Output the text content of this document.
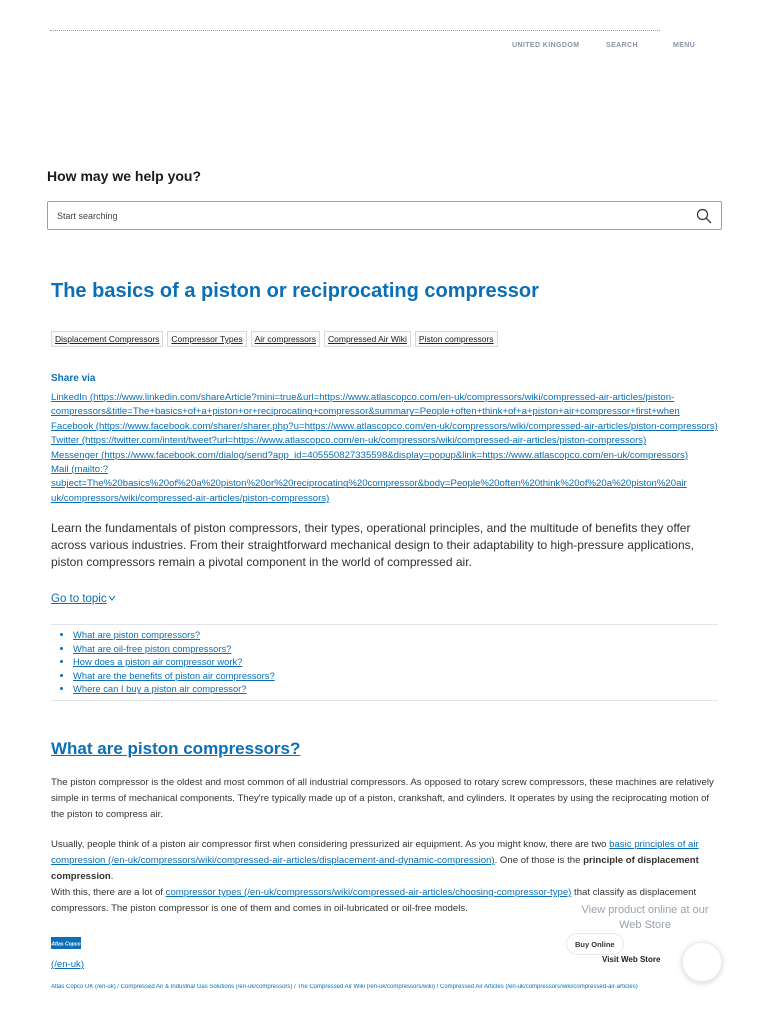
UNITED KINGDOM	SEARCH	MENU
How may we help you?
Start searching
The basics of a piston or reciprocating compressor
Displacement Compressors	Compressor Types	Air compressors	Compressed Air Wiki	Piston compressors
Share via
LinkedIn (https://www.linkedin.com/shareArticle?mini=true&url=https://www.atlascopco.com/en-uk/compressors/wiki/compressed-air-articles/piston-
compressors&title=The+basics+of+a+piston+or+reciprocating+compressor&summary=People+often+think+of+a+piston+air+compressor+first+when
Facebook (https://www.facebook.com/sharer/sharer.php?u=https://www.atlascopco.com/en-uk/compressors/wiki/compressed-air-articles/piston-compressors)
Twitter (https://twitter.com/intent/tweet?url=https://www.atlascopco.com/en-uk/compressors/wiki/compressed-air-articles/piston-compressors)
Messenger (https://www.facebook.com/dialog/send?app_id=405550827335598&display=popup&link=https://www.atlascopco.com/en-uk/compressors)
Mail (mailto:?
subject=The%20basics%20of%20a%20piston%20or%20reciprocating%20compressor&body=People%20often%20think%20of%20a%20piston%20air
uk/compressors/wiki/compressed-air-articles/piston-compressors)

Learn the fundamentals of piston compressors, their types, operational principles, and the multitude of benefits they offer across various industries. From their straightforward mechanical design to their adaptability to high-pressure applications, piston compressors remain a pivotal component in the world of compressed air.

Go to topic
• What are piston compressors?
• What are oil-free piston compressors?
• How does a piston air compressor work?
• What are the benefits of piston air compressors?
• Where can I buy a piston air compressor?
What are piston compressors?

The piston compressor is the oldest and most common of all industrial compressors. As opposed to rotary screw compressors, these machines are relatively simple in terms of mechanical components. They're typically made up of a piston, crankshaft, and cylinders. It operates by using the reciprocating motion of the piston to compress air.

Usually, people think of a piston air compressor first when considering pressurized air equipment. As you might know, there are two basic principles of air compression (/en-uk/compressors/wiki/compressed-air-articles/displacement-and-dynamic-compression). One of those is the principle of displacement compression.

With this, there are a lot of compressor types (/en-uk/compressors/wiki/compressed-air-articles/choosing-compressor-type) that classify as displacement compressors. The piston compressor is one of them and comes in oil-lubricated or oil-free models.

Atlas Copco
(/en-uk)
Atlas Copco UK (/en-uk) / Compressed Air & Industrial Gas Solutions (/en-uk/compressors) / The Compressed Air Wiki (/en-uk/compressors/wiki) / Compressed Air Articles (/en-uk/compressors/wiki/compressed-air-articles)
View product online at our Web Store
Buy Online
Visit Web Store
